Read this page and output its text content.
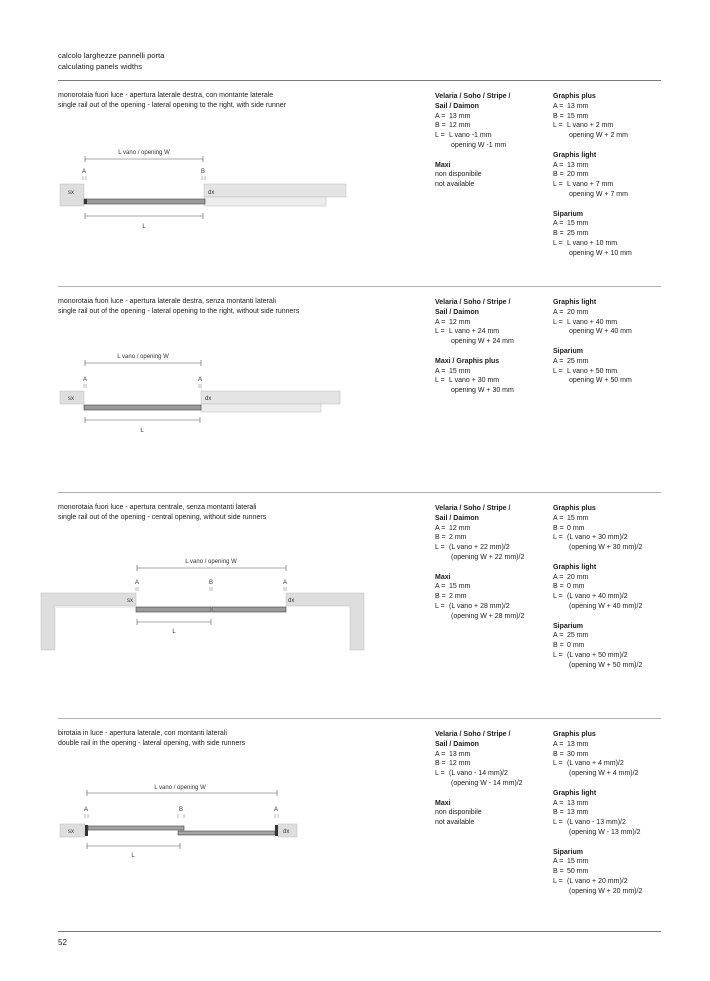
calcolo larghezze pannelli porta
calculating panels widths
monorotaia fuori luce - apertura laterale destra, con montante laterale
single rail out of the opening - lateral opening to the right, with side runner
Velaria / Soho / Stripe /
Sail / Daimon
A = 13 mm
B = 12 mm
L = L vano -1 mm
opening W -1 mm
Maxi
non disponibile
not available
Graphis plus
A = 13 mm
B = 15 mm
L = L vano + 2 mm
opening W + 2 mm
Graphis light
A = 13 mm
B = 20 mm
L = L vano + 7 mm
opening W + 7 mm
Siparium
A = 15 mm
B = 25 mm
L = L vano + 10 mm
opening W + 10 mm
monorotaia fuori luce - apertura laterale destra, senza montanti laterali
single rail out of the opening - lateral opening to the right, without side runners
Velaria / Soho / Stripe /
Sail / Daimon
A = 12 mm
L = L vano + 24 mm
opening W + 24 mm
Maxi / Graphis plus
A = 15 mm
L = L vano + 30 mm
opening W + 30 mm
Graphis light
A = 20 mm
L = L vano + 40 mm
opening W + 40 mm
Siparium
A = 25 mm
L = L vano + 50 mm
opening W + 50 mm
monorotaia fuori luce - apertura centrale, senza montanti laterali
single rail out of the opening - central opening, without side runners
Velaria / Soho / Stripe /
Sail / Daimon
A = 12 mm
B = 2 mm
L = (L vano + 22 mm)/2
(opening W + 22 mm)/2
Maxi
A = 15 mm
B = 2 mm
L = (L vano + 28 mm)/2
(opening W + 28 mm)/2
Graphis plus
A = 15 mm
B = 0 mm
L = (L vano + 30 mm)/2
(opening W + 30 mm)/2
Graphis light
A = 20 mm
B = 0 mm
L = (L vano + 40 mm)/2
(opening W + 40 mm)/2
Siparium
A = 25 mm
B = 0 mm
L = (L vano + 50 mm)/2
(opening W + 50 mm)/2
birotaia in luce - apertura laterale, con montanti laterali
double rail in the opening - lateral opening, with side runners
Velaria / Soho / Stripe /
Sail / Daimon
A = 13 mm
B = 12 mm
L = (L vano - 14 mm)/2
(opening W - 14 mm)/2
Maxi
non disponibile
not available
Graphis plus
A = 13 mm
B = 30 mm
L = (L vano + 4 mm)/2
(opening W + 4 mm)/2
Graphis light
A = 13 mm
B = 13 mm
L = (L vano - 13 mm)/2
(opening W - 13 mm)/2
Siparium
A = 15 mm
B = 50 mm
L = (L vano + 20 mm)/2
(opening W + 20 mm)/2
52
L vano / opening W
A	B
sx	dx
L
L vano / opening W
A	A
sx	dx
L
L vano / opening W
A	B	A
sx	dx
L
L vano / opening W
A	B	A
sx	dx
L
